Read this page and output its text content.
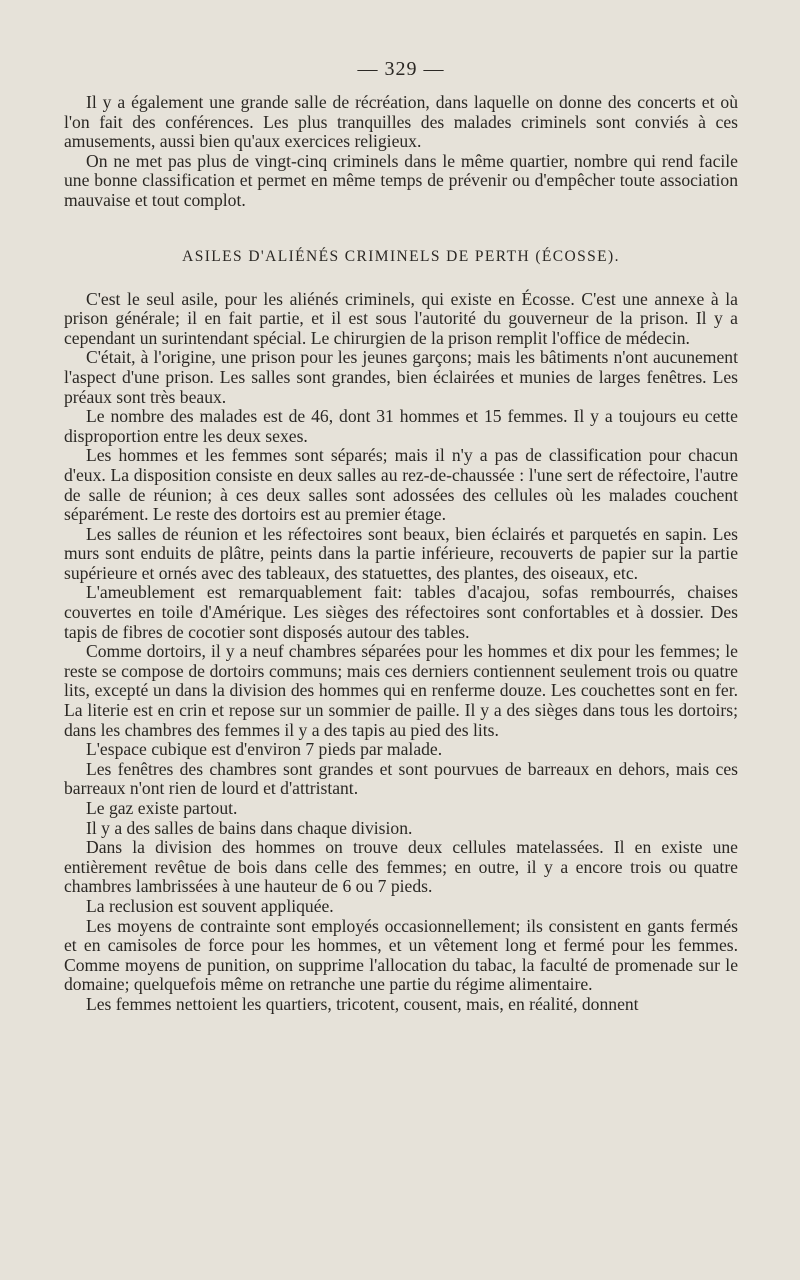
— 329 —

Il y a également une grande salle de récréation, dans laquelle on donne des concerts et où l'on fait des conférences. Les plus tranquilles des malades criminels sont conviés à ces amusements, aussi bien qu'aux exercices religieux.

On ne met pas plus de vingt-cinq criminels dans le même quartier, nombre qui rend facile une bonne classification et permet en même temps de prévenir ou d'empêcher toute association mauvaise et tout complot.

ASILES D'ALIÉNÉS CRIMINELS DE PERTH (ÉCOSSE).

C'est le seul asile, pour les aliénés criminels, qui existe en Écosse. C'est une annexe à la prison générale; il en fait partie, et il est sous l'autorité du gouverneur de la prison. Il y a cependant un surintendant spécial. Le chirurgien de la prison remplit l'office de médecin.

C'était, à l'origine, une prison pour les jeunes garçons; mais les bâtiments n'ont aucunement l'aspect d'une prison. Les salles sont grandes, bien éclairées et munies de larges fenêtres. Les préaux sont très beaux.

Le nombre des malades est de 46, dont 31 hommes et 15 femmes. Il y a toujours eu cette disproportion entre les deux sexes.

Les hommes et les femmes sont séparés; mais il n'y a pas de classification pour chacun d'eux. La disposition consiste en deux salles au rez-de-chaussée : l'une sert de réfectoire, l'autre de salle de réunion; à ces deux salles sont adossées des cellules où les malades couchent séparément. Le reste des dortoirs est au premier étage.

Les salles de réunion et les réfectoires sont beaux, bien éclairés et parquetés en sapin. Les murs sont enduits de plâtre, peints dans la partie inférieure, recouverts de papier sur la partie supérieure et ornés avec des tableaux, des statuettes, des plantes, des oiseaux, etc.

L'ameublement est remarquablement fait: tables d'acajou, sofas rembourrés, chaises couvertes en toile d'Amérique. Les sièges des réfectoires sont confortables et à dossier. Des tapis de fibres de cocotier sont disposés autour des tables.

Comme dortoirs, il y a neuf chambres séparées pour les hommes et dix pour les femmes; le reste se compose de dortoirs communs; mais ces derniers contiennent seulement trois ou quatre lits, excepté un dans la division des hommes qui en renferme douze. Les couchettes sont en fer. La literie est en crin et repose sur un sommier de paille. Il y a des sièges dans tous les dortoirs; dans les chambres des femmes il y a des tapis au pied des lits.

L'espace cubique est d'environ 7 pieds par malade.

Les fenêtres des chambres sont grandes et sont pourvues de barreaux en dehors, mais ces barreaux n'ont rien de lourd et d'attristant.

Le gaz existe partout.

Il y a des salles de bains dans chaque division.

Dans la division des hommes on trouve deux cellules matelassées. Il en existe une entièrement revêtue de bois dans celle des femmes; en outre, il y a encore trois ou quatre chambres lambrissées à une hauteur de 6 ou 7 pieds.

La reclusion est souvent appliquée.

Les moyens de contrainte sont employés occasionnellement; ils consistent en gants fermés et en camisoles de force pour les hommes, et un vêtement long et fermé pour les femmes. Comme moyens de punition, on supprime l'allocation du tabac, la faculté de promenade sur le domaine; quelquefois même on retranche une partie du régime alimentaire.

Les femmes nettoient les quartiers, tricotent, cousent, mais, en réalité, donnent
